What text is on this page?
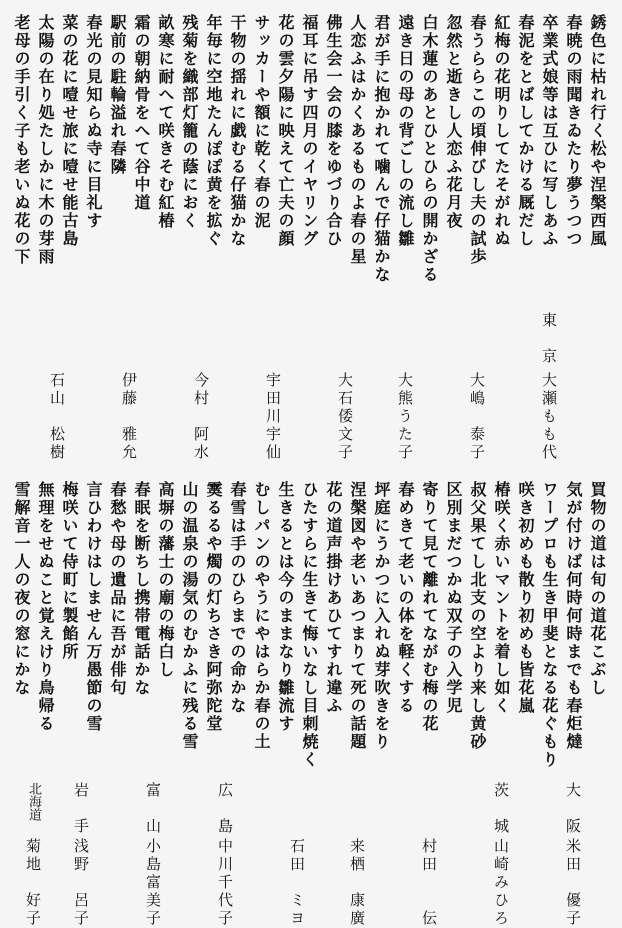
銹色に枯れ行く松や涅槃西風
春暁の雨聞きゐたり夢うつつ
卒業式娘等は互ひに写しあふ
春泥をとばしてかける厩だし
紅梅の花明りしてたそがれぬ
春うららこの頃伸びし夫の試歩
忽然と逝きし人恋ふ花月夜
白木蓮のあとひとひらの開かざる
遠き日の母の背ごしの流し雛
君が手に抱かれて噛んで仔猫かな
人恋ふはかくあるものよ春の星
佛生会一会の膝をゆづり合ひ
福耳に吊す四月のイヤリング
花の雲夕陽に映えて亡夫の顔
サッカーや額に乾く春の泥
干物の揺れに戯むる仔猫かな
年毎に空地たんぽぽ黄を拡ぐ
残菊を織部灯籠の蔭におく
畝寒に耐へて咲きそむ紅椿
霜の朝納骨をへて谷中道
駅前の駐輪溢れ春隣
春光の見知らぬ寺に目礼す
菜の花に噎せ旅に噎せ能古島
太陽の在り処たしかに木の芽雨
老母の手引く子も老いぬ花の下
東　京
大瀬もも代
大嶋　泰子
大熊うた子
大石倭文子
宇田川宇仙
今村　阿水
伊藤　雅允
石山　松樹
買物の道は旬の道花こぶし
気が付けば何時何時までも春炬燵
ワープロも生き甲斐となる花ぐもり
咲き初めも散り初めも皆花嵐
椿咲く赤いマントを着し如く
叔父果てし北支の空より来し黄砂
区別まだつかぬ双子の入学児
寄りて見て離れてながむ梅の花
春めきて老いの体を軽くする
坪庭にうかつに入れぬ芽吹きをり
涅槃図や老いあつまりて死の話題
花の道声掛けあひてすれ違ふ
ひたすらに生きて悔いなし目刺焼く
生きるとは今のままなり雛流す
むしパンのやうにやはらか春の土
春雪は手のひらまでの命かな
霙るるや燭の灯ちさき阿弥陀堂
山の温泉の湯気のむかふに残る雪
高塀の藩士の廟の梅白し
春眠を断ちし携帯電話かな
春愁や母の遺品に吾が俳句
言ひわけはしません万愚節の雪
梅咲いて侍町に製餡所
無理をせぬこと覚えけり鳥帰る
雪解音一人の夜の窓にかな
大　阪
米田　優子
茨　城
山崎みひろ
村田　　伝
来栖　康廣
石田　ミヨ
広　島
中川千代子
富　山
小島富美子
岩　手
浅野　呂子
北海道
菊地　好子
